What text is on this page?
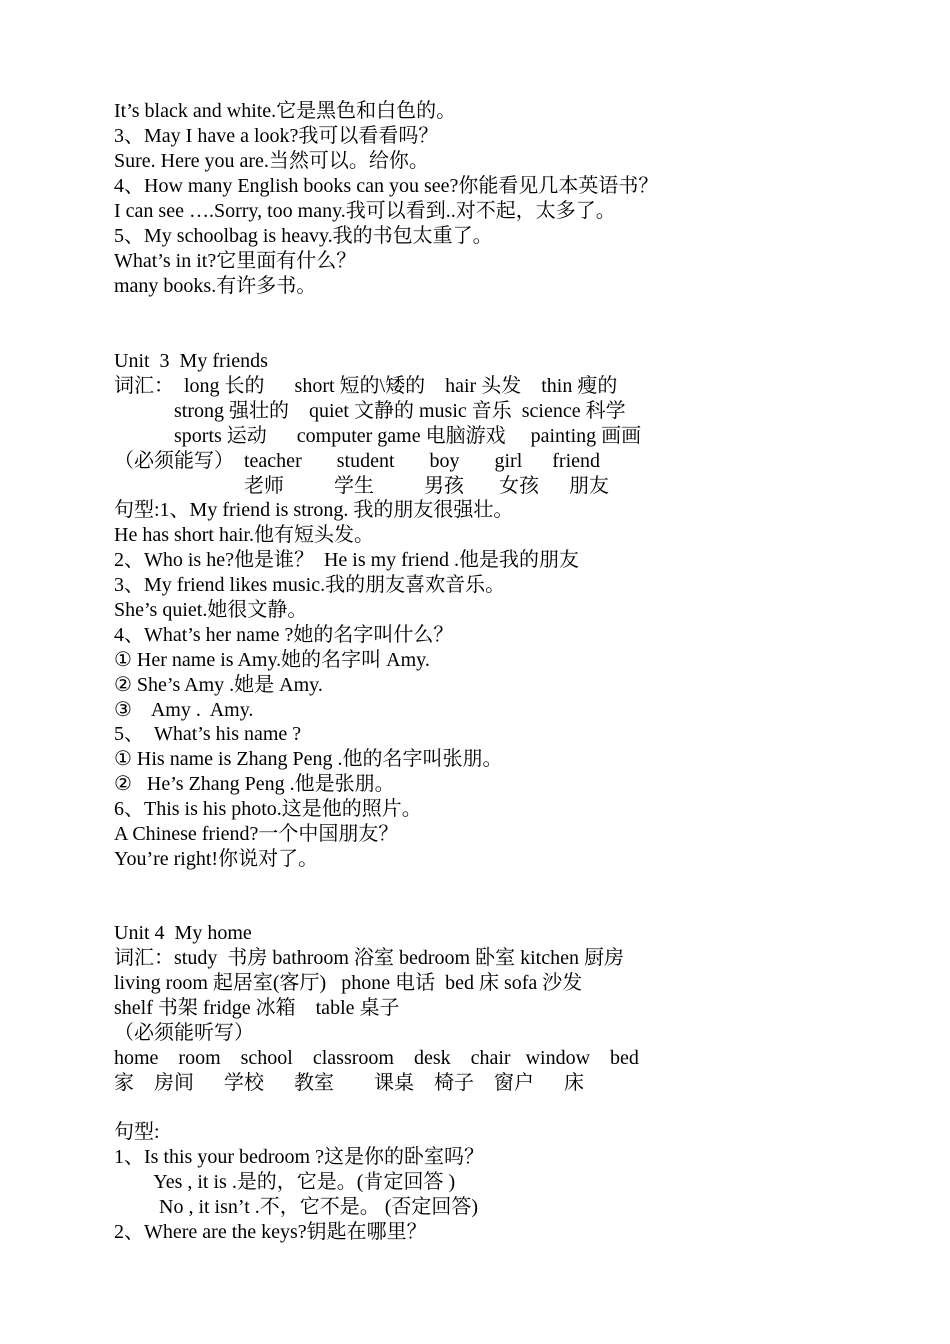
It’s black and white.它是黑色和白色的。
3、May I have a look?我可以看看吗？
Sure. Here you are.当然可以。给你。
4、How many English books can you see?你能看见几本英语书？
I can see ….Sorry, too many.我可以看到..对不起，太多了。
5、My schoolbag is heavy.我的书包太重了。
What’s in it?它里面有什么？
many books.有许多书。
Unit  3  My friends
词汇：  long 长的      short 短的\矮的    hair 头发    thin 瘦的
strong 强壮的    quiet 文静的 music 音乐  science 科学
sports 运动      computer game 电脑游戏     painting 画画
（必须能写）  teacher       student       boy       girl      friend
老师          学生          男孩       女孩      朋友
句型:1、My friend is strong. 我的朋友很强壮。
He has short hair.他有短头发。
2、Who is he?他是谁？  He is my friend .他是我的朋友
3、My friend likes music.我的朋友喜欢音乐。
She’s quiet.她很文静。
4、What’s her name ?她的名字叫什么？
① Her name is Amy.她的名字叫 Amy.
② She’s Amy .她是 Amy.
③    Amy .  Amy.
5、  What’s his name ?
① His name is Zhang Peng .他的名字叫张朋。
②   He’s Zhang Peng .他是张朋。
6、This is his photo.这是他的照片。
A Chinese friend?一个中国朋友？
You’re right!你说对了。
Unit 4  My home
词汇：study  书房 bathroom 浴室 bedroom 卧室 kitchen 厨房
living room 起居室(客厅)   phone 电话  bed 床 sofa 沙发
shelf 书架 fridge 冰箱    table 桌子
（必须能听写）
home    room    school    classroom    desk    chair   window    bed
家    房间      学校      教室        课桌    椅子    窗户      床
句型:
1、Is this your bedroom ?这是你的卧室吗？
Yes , it is .是的，它是。(肯定回答 )
No , it isn’t .不，它不是。 (否定回答)
2、Where are the keys?钥匙在哪里？
